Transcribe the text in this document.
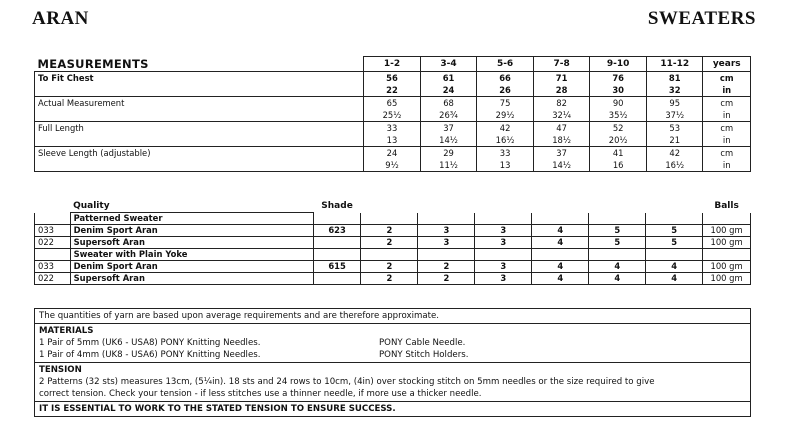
ARAN	SWEATERS
MEASUREMENTS	1-2	3-4	5-6	7-8	9-10	11-12	years
To Fit Chest	56	61	66	71	76	81	cm
	22	24	26	28	30	32	in
Actual Measurement	65	68	75	82	90	95	cm
	25½	26¾	29½	32¼	35½	37½	in
Full Length	33	37	42	47	52	53	cm
	13	14½	16½	18½	20½	21	in
Sleeve Length (adjustable)	24	29	33	37	41	42	cm
	9½	11½	13	14½	16	16½	in
	Quality	Shade							Balls
	Patterned Sweater								
033	Denim Sport Aran	623	2	3	3	4	5	5	100 gm
022	Supersoft Aran		2	3	3	4	5	5	100 gm
	Sweater with Plain Yoke								
033	Denim Sport Aran	615	2	2	3	4	4	4	100 gm
022	Supersoft Aran		2	2	3	4	4	4	100 gm
The quantities of yarn are based upon average requirements and are therefore approximate.
MATERIALS
1 Pair of 5mm (UK6 - USA8) PONY Knitting Needles.	PONY Cable Needle.
1 Pair of 4mm (UK8 - USA6) PONY Knitting Needles.	PONY Stitch Holders.
TENSION
2 Patterns (32 sts) measures 13cm, (5¼in). 18 sts and 24 rows to 10cm, (4in) over stocking stitch on 5mm needles or the size required to give
correct tension. Check your tension - if less stitches use a thinner needle, if more use a thicker needle.
IT IS ESSENTIAL TO WORK TO THE STATED TENSION TO ENSURE SUCCESS.
